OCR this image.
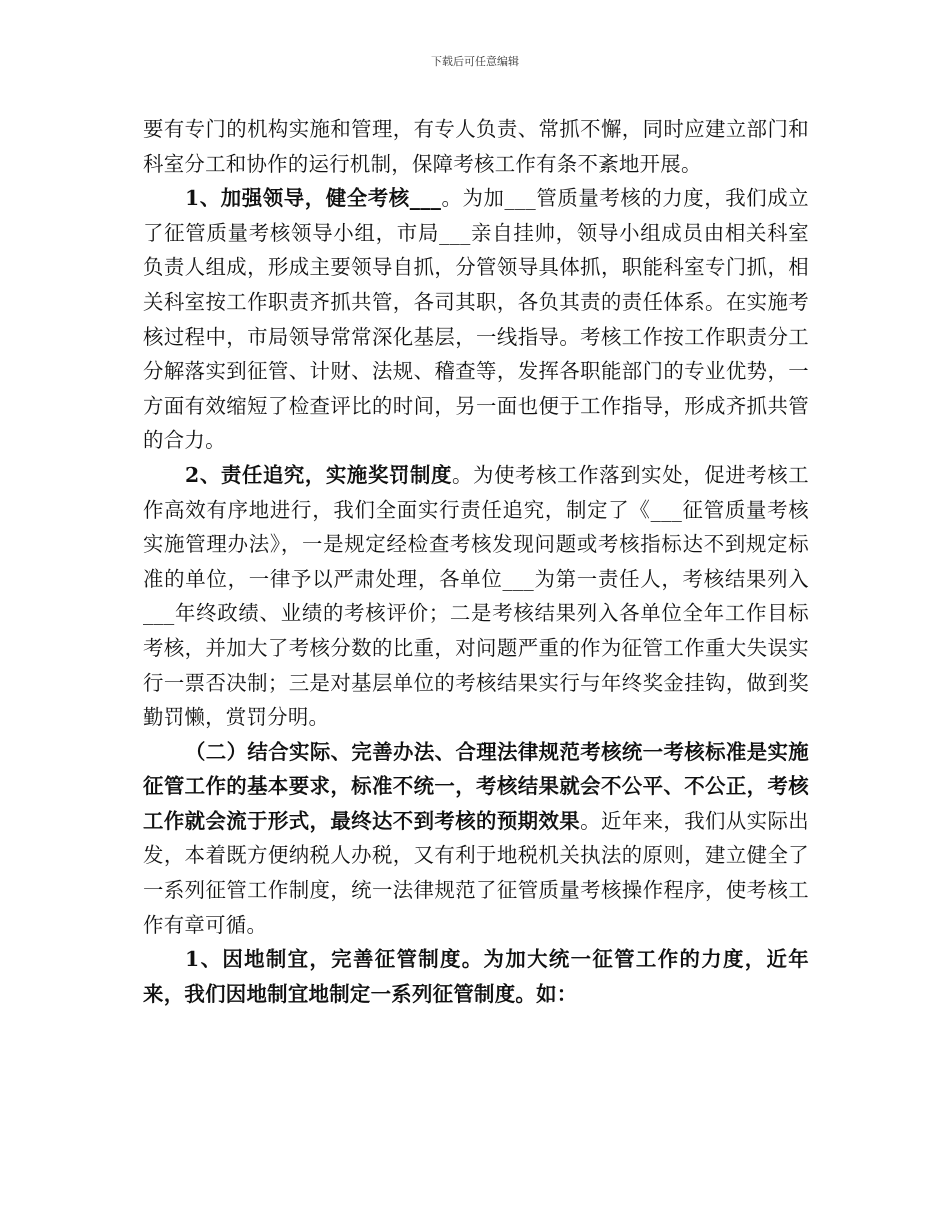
下载后可任意编辑

要有专门的机构实施和管理，有专人负责、常抓不懈，同时应建立部门和科室分工和协作的运行机制，保障考核工作有条不紊地开展。

1、加强领导，健全考核___。为加___管质量考核的力度，我们成立了征管质量考核领导小组，市局___亲自挂帅，领导小组成员由相关科室负责人组成，形成主要领导自抓，分管领导具体抓，职能科室专门抓，相关科室按工作职责齐抓共管，各司其职，各负其责的责任体系。在实施考核过程中，市局领导常常深化基层，一线指导。考核工作按工作职责分工分解落实到征管、计财、法规、稽查等，发挥各职能部门的专业优势，一方面有效缩短了检查评比的时间，另一面也便于工作指导，形成齐抓共管的合力。

2、责任追究，实施奖罚制度。为使考核工作落到实处，促进考核工作高效有序地进行，我们全面实行责任追究，制定了《___征管质量考核实施管理办法》，一是规定经检查考核发现问题或考核指标达不到规定标准的单位，一律予以严肃处理，各单位___为第一责任人，考核结果列入___年终政绩、业绩的考核评价；二是考核结果列入各单位全年工作目标考核，并加大了考核分数的比重，对问题严重的作为征管工作重大失误实行一票否决制；三是对基层单位的考核结果实行与年终奖金挂钩，做到奖勤罚懒，赏罚分明。

（二）结合实际、完善办法、合理法律规范考核统一考核标准是实施征管工作的基本要求，标准不统一，考核结果就会不公平、不公正，考核工作就会流于形式，最终达不到考核的预期效果。近年来，我们从实际出发，本着既方便纳税人办税，又有利于地税机关执法的原则，建立健全了一系列征管工作制度，统一法律规范了征管质量考核操作程序，使考核工作有章可循。

1、因地制宜，完善征管制度。为加大统一征管工作的力度，近年来，我们因地制宜地制定一系列征管制度。如：
